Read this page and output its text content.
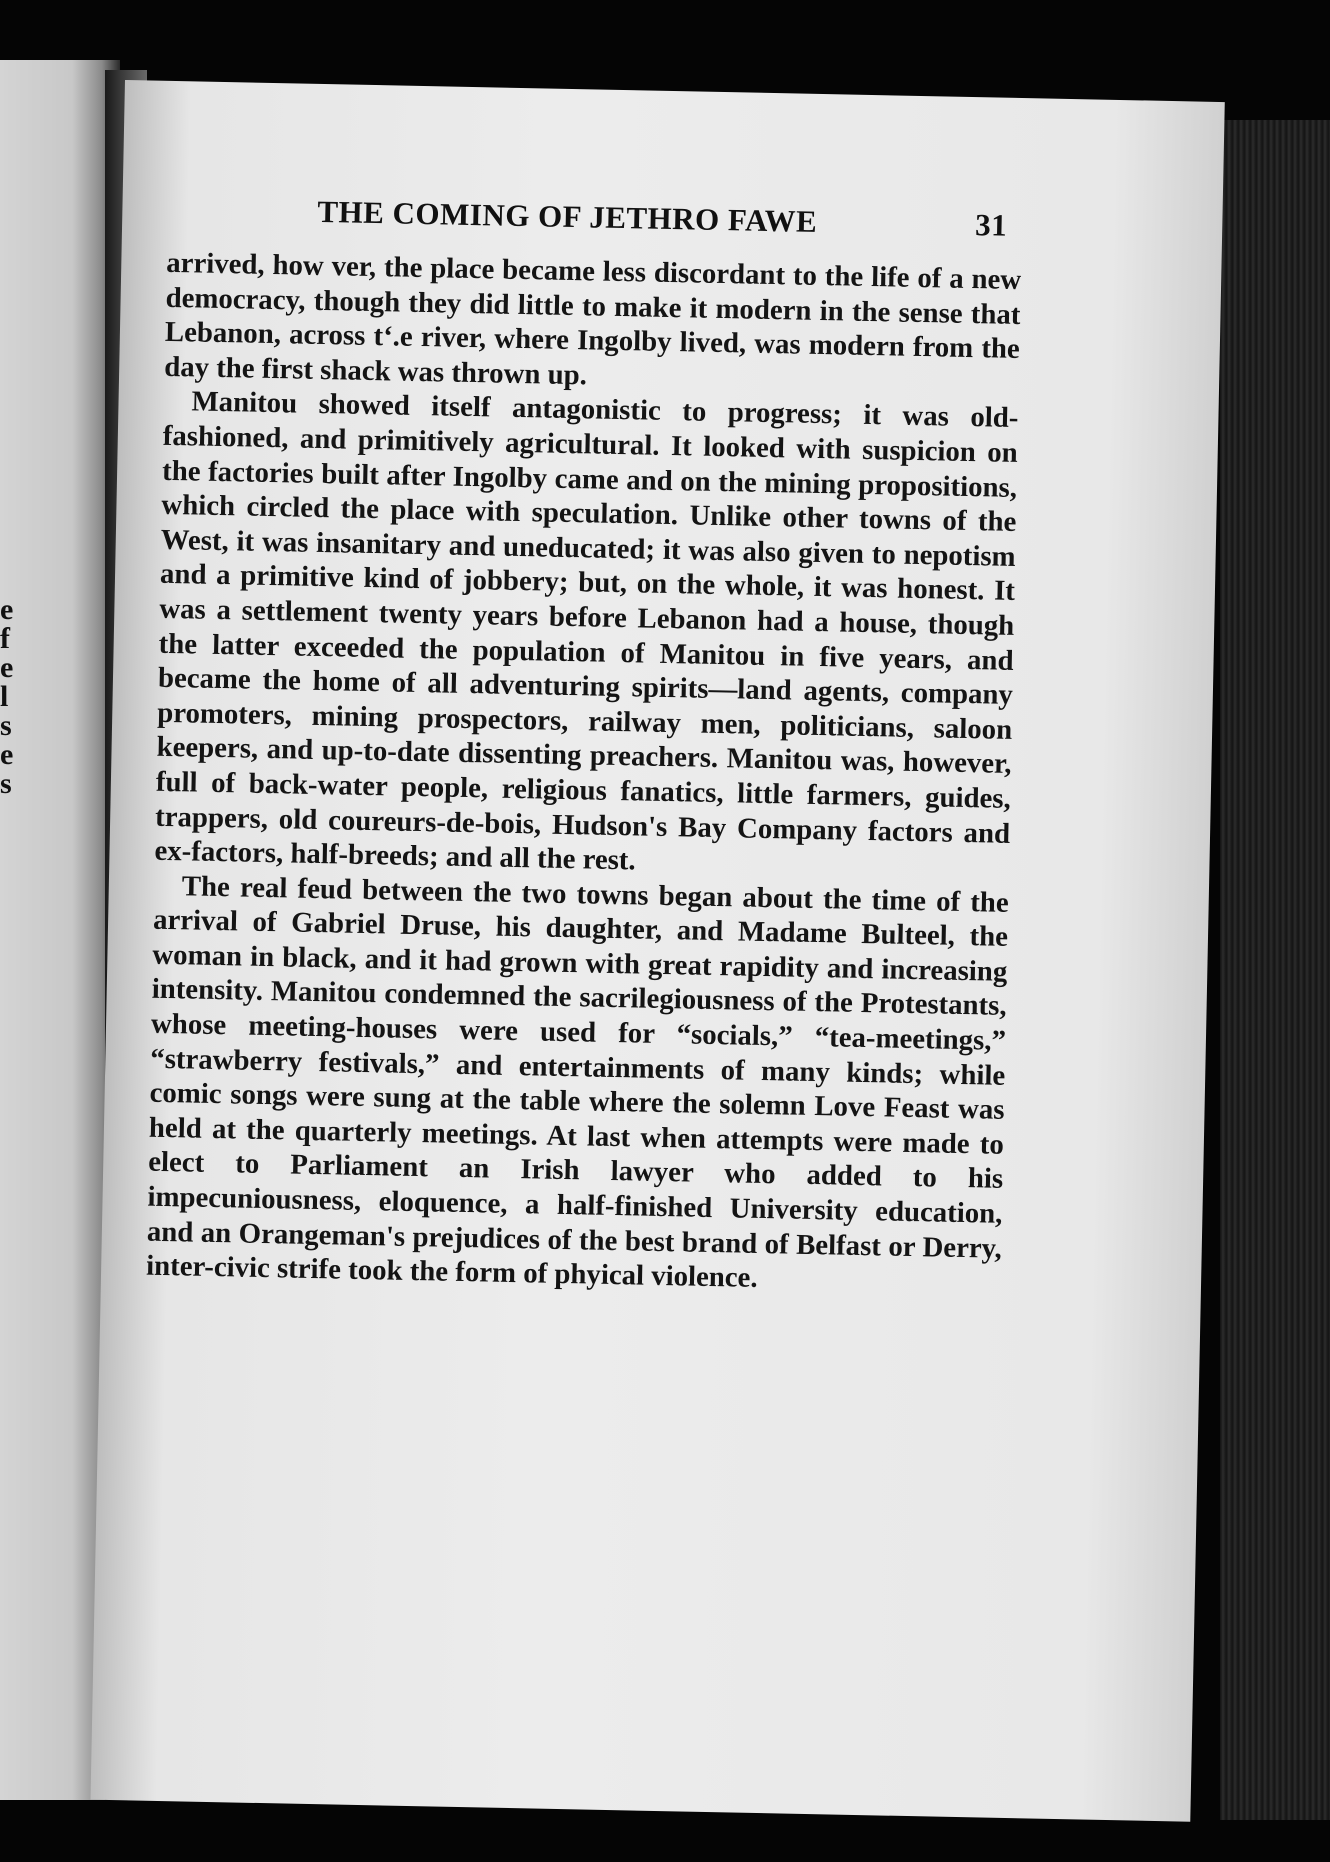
e
f
e
l
s
e
s
THE COMING OF JETHRO FAWE	31

arrived, how ver, the place became less discordant to the life of a new democracy, though they did little to make it modern in the sense that Lebanon, across tʻ.e river, where Ingolby lived, was modern from the day the first shack was thrown up.

Manitou showed itself antagonistic to progress; it was old-fashioned, and primitively agricultural. It looked with suspicion on the factories built after Ingolby came and on the mining propositions, which circled the place with speculation. Unlike other towns of the West, it was insanitary and uneducated; it was also given to nepotism and a primitive kind of jobbery; but, on the whole, it was honest. It was a settlement twenty years before Lebanon had a house, though the latter exceeded the population of Manitou in five years, and became the home of all adventuring spirits—land agents, company promoters, mining prospectors, railway men, politicians, saloon keepers, and up-to-date dissenting preachers. Manitou was, however, full of back-water people, religious fanatics, little farmers, guides, trappers, old coureurs-de-bois, Hudson's Bay Company factors and ex-factors, half-breeds; and all the rest.

The real feud between the two towns began about the time of the arrival of Gabriel Druse, his daughter, and Madame Bulteel, the woman in black, and it had grown with great rapidity and increasing intensity. Manitou condemned the sacrilegiousness of the Protestants, whose meeting-houses were used for “socials,” “tea-meetings,” “strawberry festivals,” and entertainments of many kinds; while comic songs were sung at the table where the solemn Love Feast was held at the quarterly meetings. At last when attempts were made to elect to Parliament an Irish lawyer who added to his impecuniousness, eloquence, a half-finished University education, and an Orangeman's prejudices of the best brand of Belfast or Derry, inter-civic strife took the form of phyical violence.
